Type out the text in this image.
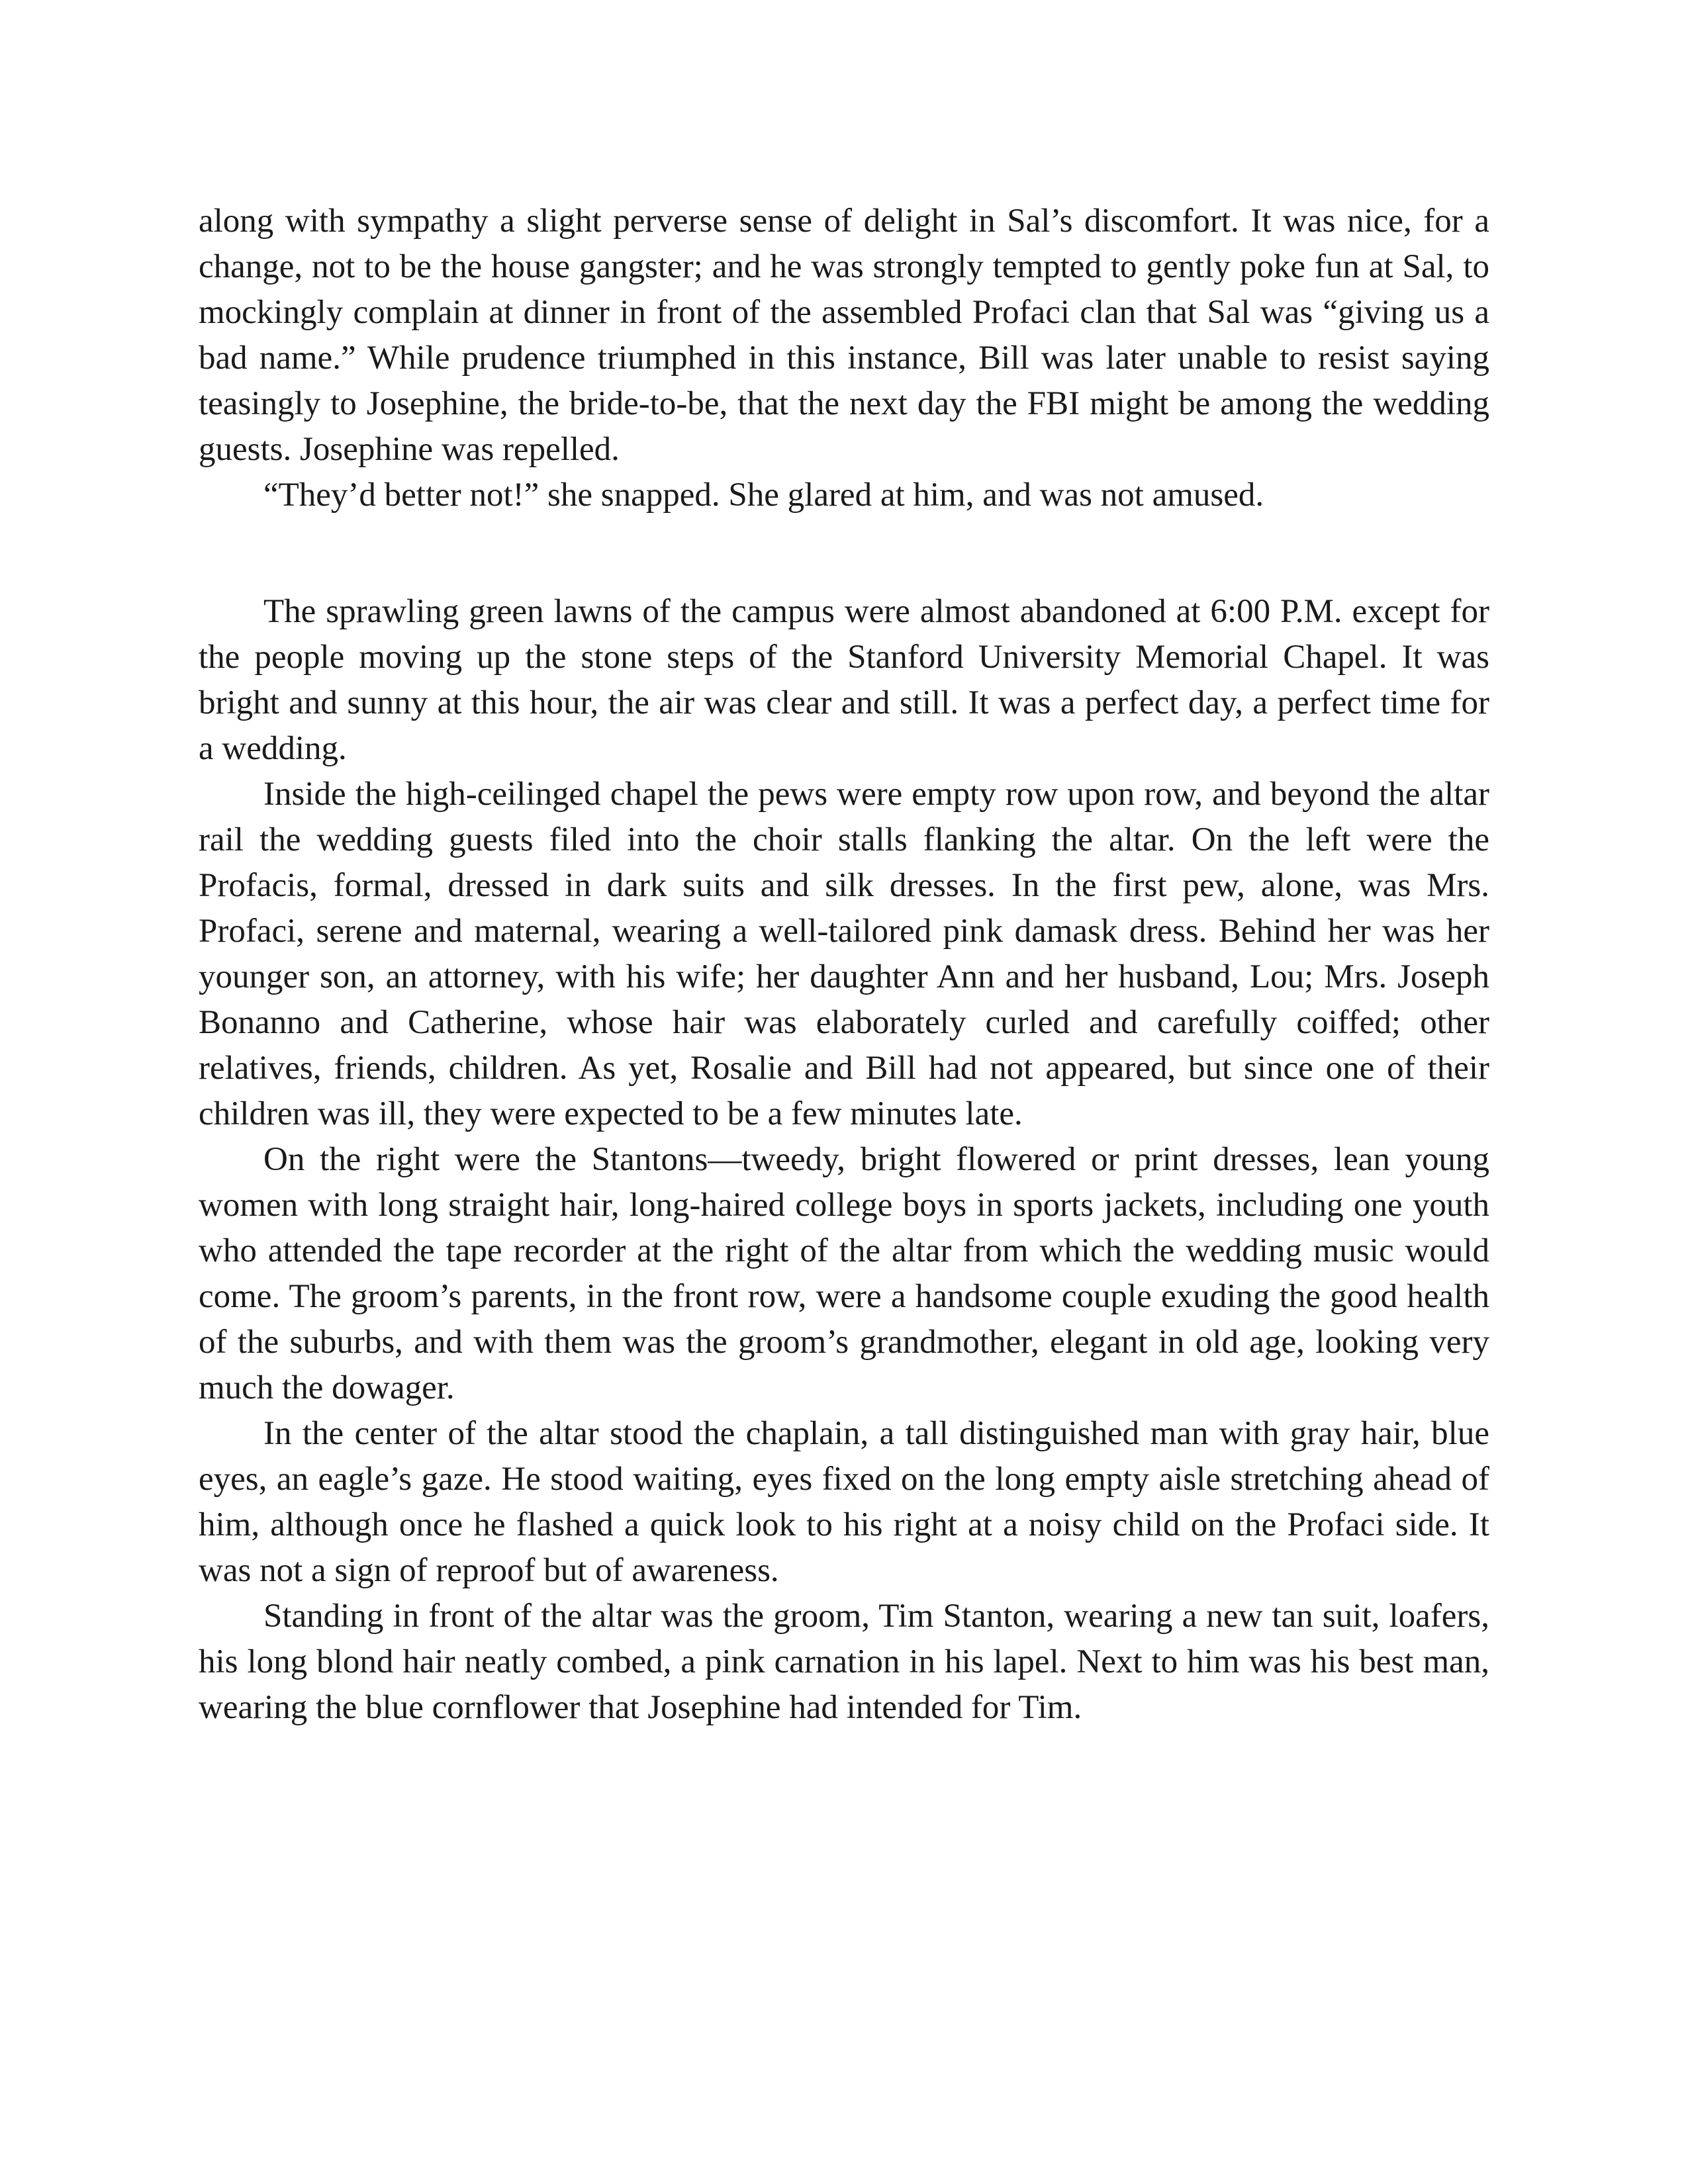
along with sympathy a slight perverse sense of delight in Sal’s discomfort. It was nice, for a change, not to be the house gangster; and he was strongly tempted to gently poke fun at Sal, to mockingly complain at dinner in front of the assembled Profaci clan that Sal was “giving us a bad name.” While prudence triumphed in this instance, Bill was later unable to resist saying teasingly to Josephine, the bride-to-be, that the next day the FBI might be among the wedding guests. Josephine was repelled.

“They’d better not!” she snapped. She glared at him, and was not amused.

The sprawling green lawns of the campus were almost abandoned at 6:00 P.M. except for the people moving up the stone steps of the Stanford University Memorial Chapel. It was bright and sunny at this hour, the air was clear and still. It was a perfect day, a perfect time for a wedding.

Inside the high-ceilinged chapel the pews were empty row upon row, and beyond the altar rail the wedding guests filed into the choir stalls flanking the altar. On the left were the Profacis, formal, dressed in dark suits and silk dresses. In the first pew, alone, was Mrs. Profaci, serene and maternal, wearing a well-tailored pink damask dress. Behind her was her younger son, an attorney, with his wife; her daughter Ann and her husband, Lou; Mrs. Joseph Bonanno and Catherine, whose hair was elaborately curled and carefully coiffed; other relatives, friends, children. As yet, Rosalie and Bill had not appeared, but since one of their children was ill, they were expected to be a few minutes late.

On the right were the Stantons—tweedy, bright flowered or print dresses, lean young women with long straight hair, long-haired college boys in sports jackets, including one youth who attended the tape recorder at the right of the altar from which the wedding music would come. The groom’s parents, in the front row, were a handsome couple exuding the good health of the suburbs, and with them was the groom’s grandmother, elegant in old age, looking very much the dowager.

In the center of the altar stood the chaplain, a tall distinguished man with gray hair, blue eyes, an eagle’s gaze. He stood waiting, eyes fixed on the long empty aisle stretching ahead of him, although once he flashed a quick look to his right at a noisy child on the Profaci side. It was not a sign of reproof but of awareness.

Standing in front of the altar was the groom, Tim Stanton, wearing a new tan suit, loafers, his long blond hair neatly combed, a pink carnation in his lapel. Next to him was his best man, wearing the blue cornflower that Josephine had intended for Tim.
